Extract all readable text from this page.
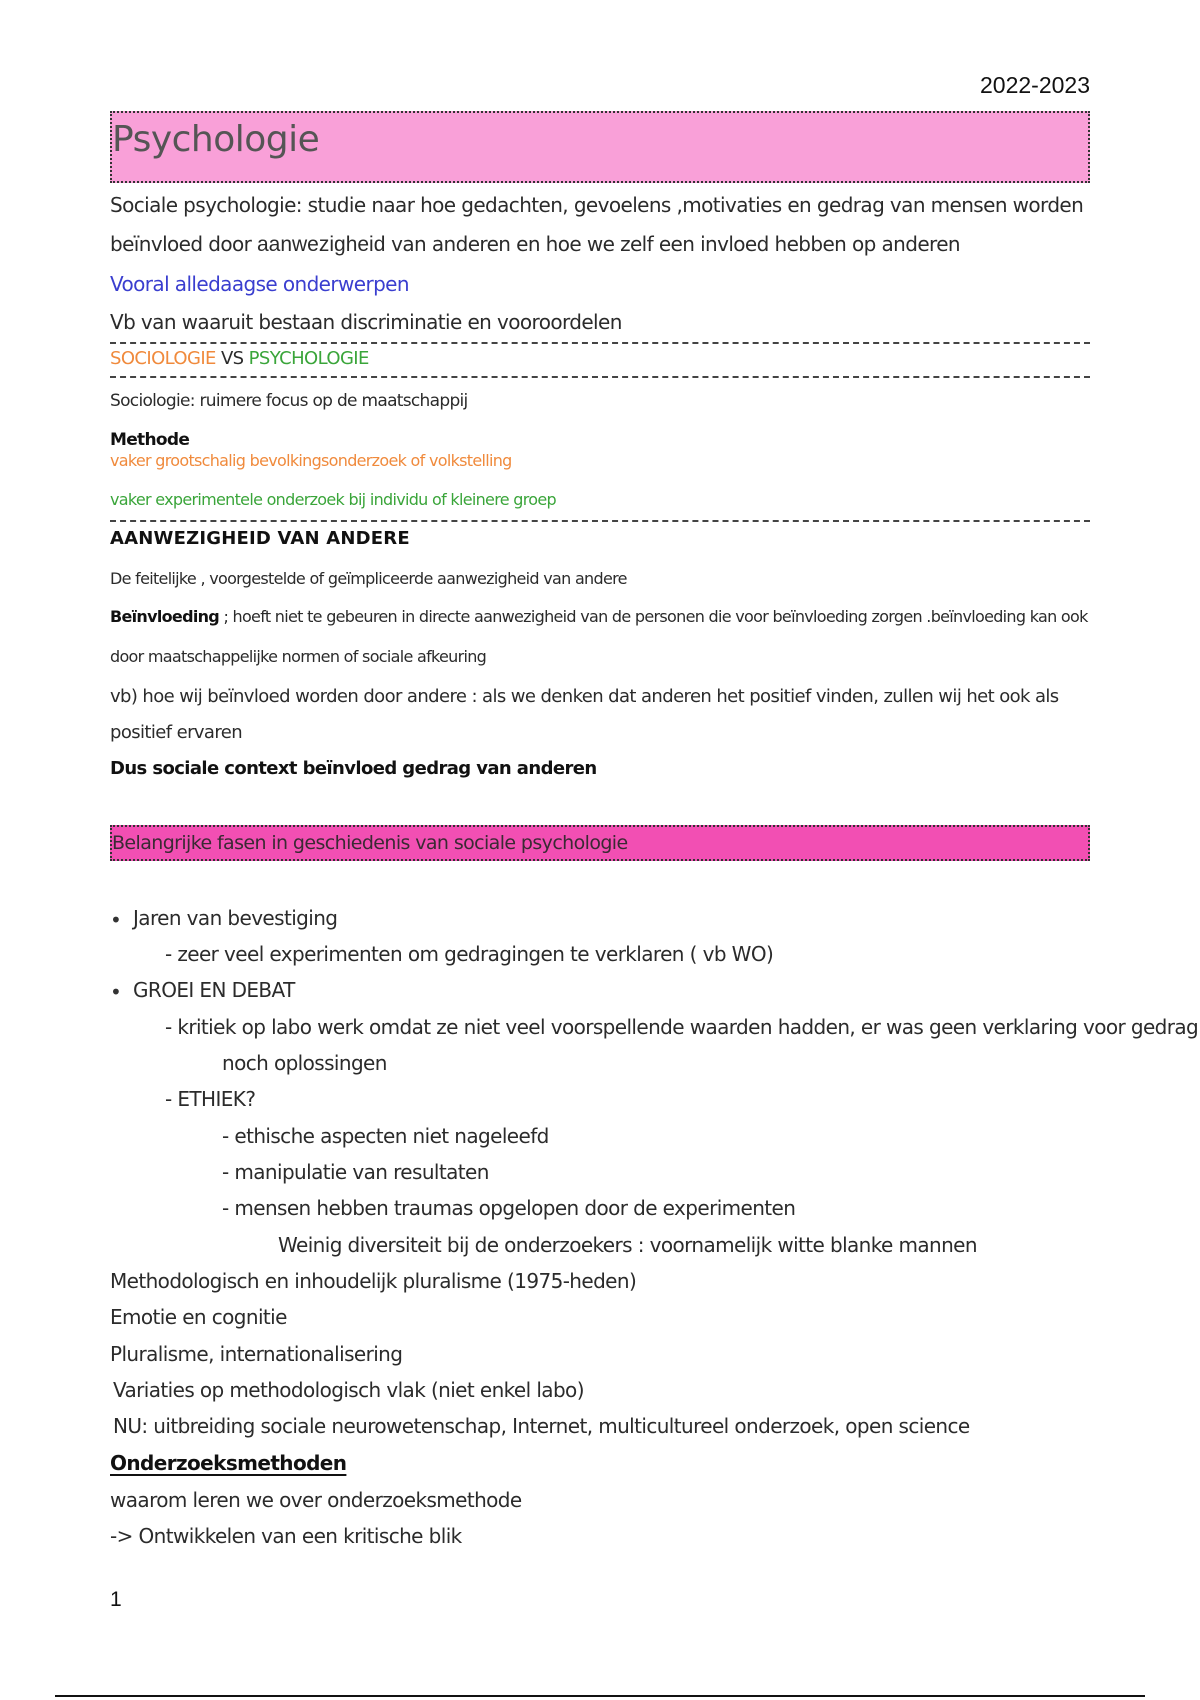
2022-2023
Psychologie
Sociale psychologie: studie naar hoe gedachten, gevoelens ,motivaties en gedrag van mensen worden
beïnvloed door aanwezigheid van anderen en hoe we zelf een invloed hebben op anderen
Vooral alledaagse onderwerpen
Vb van waaruit bestaan discriminatie en vooroordelen
SOCIOLOGIE VS PSYCHOLOGIE
Sociologie: ruimere focus op de maatschappij
Methode
vaker grootschalig bevolkingsonderzoek of volkstelling
vaker experimentele onderzoek bij individu of kleinere groep
AANWEZIGHEID VAN ANDERE
De feitelijke , voorgestelde of geïmpliceerde aanwezigheid van andere
Beïnvloeding ; hoeft niet te gebeuren in directe aanwezigheid van de personen die voor beïnvloeding zorgen .beïnvloeding kan ook
door maatschappelijke normen of sociale afkeuring
vb) hoe wij beïnvloed worden door andere : als we denken dat anderen het positief vinden, zullen wij het ook als
positief ervaren
Dus sociale context beïnvloed gedrag van anderen
Belangrijke fasen in geschiedenis van sociale psychologie
• Jaren van bevestiging
- zeer veel experimenten om gedragingen te verklaren ( vb WO)
• GROEI EN DEBAT
- kritiek op labo werk omdat ze niet veel voorspellende waarden hadden, er was geen verklaring voor gedrag
noch oplossingen
- ETHIEK?
- ethische aspecten niet nageleefd
- manipulatie van resultaten
- mensen hebben traumas opgelopen door de experimenten
Weinig diversiteit bij de onderzoekers : voornamelijk witte blanke mannen
Methodologisch en inhoudelijk pluralisme (1975-heden)
Emotie en cognitie
Pluralisme, internationalisering
Variaties op methodologisch vlak (niet enkel labo)
NU: uitbreiding sociale neurowetenschap, Internet, multicultureel onderzoek, open science
Onderzoeksmethoden
waarom leren we over onderzoeksmethode
-> Ontwikkelen van een kritische blik
1
